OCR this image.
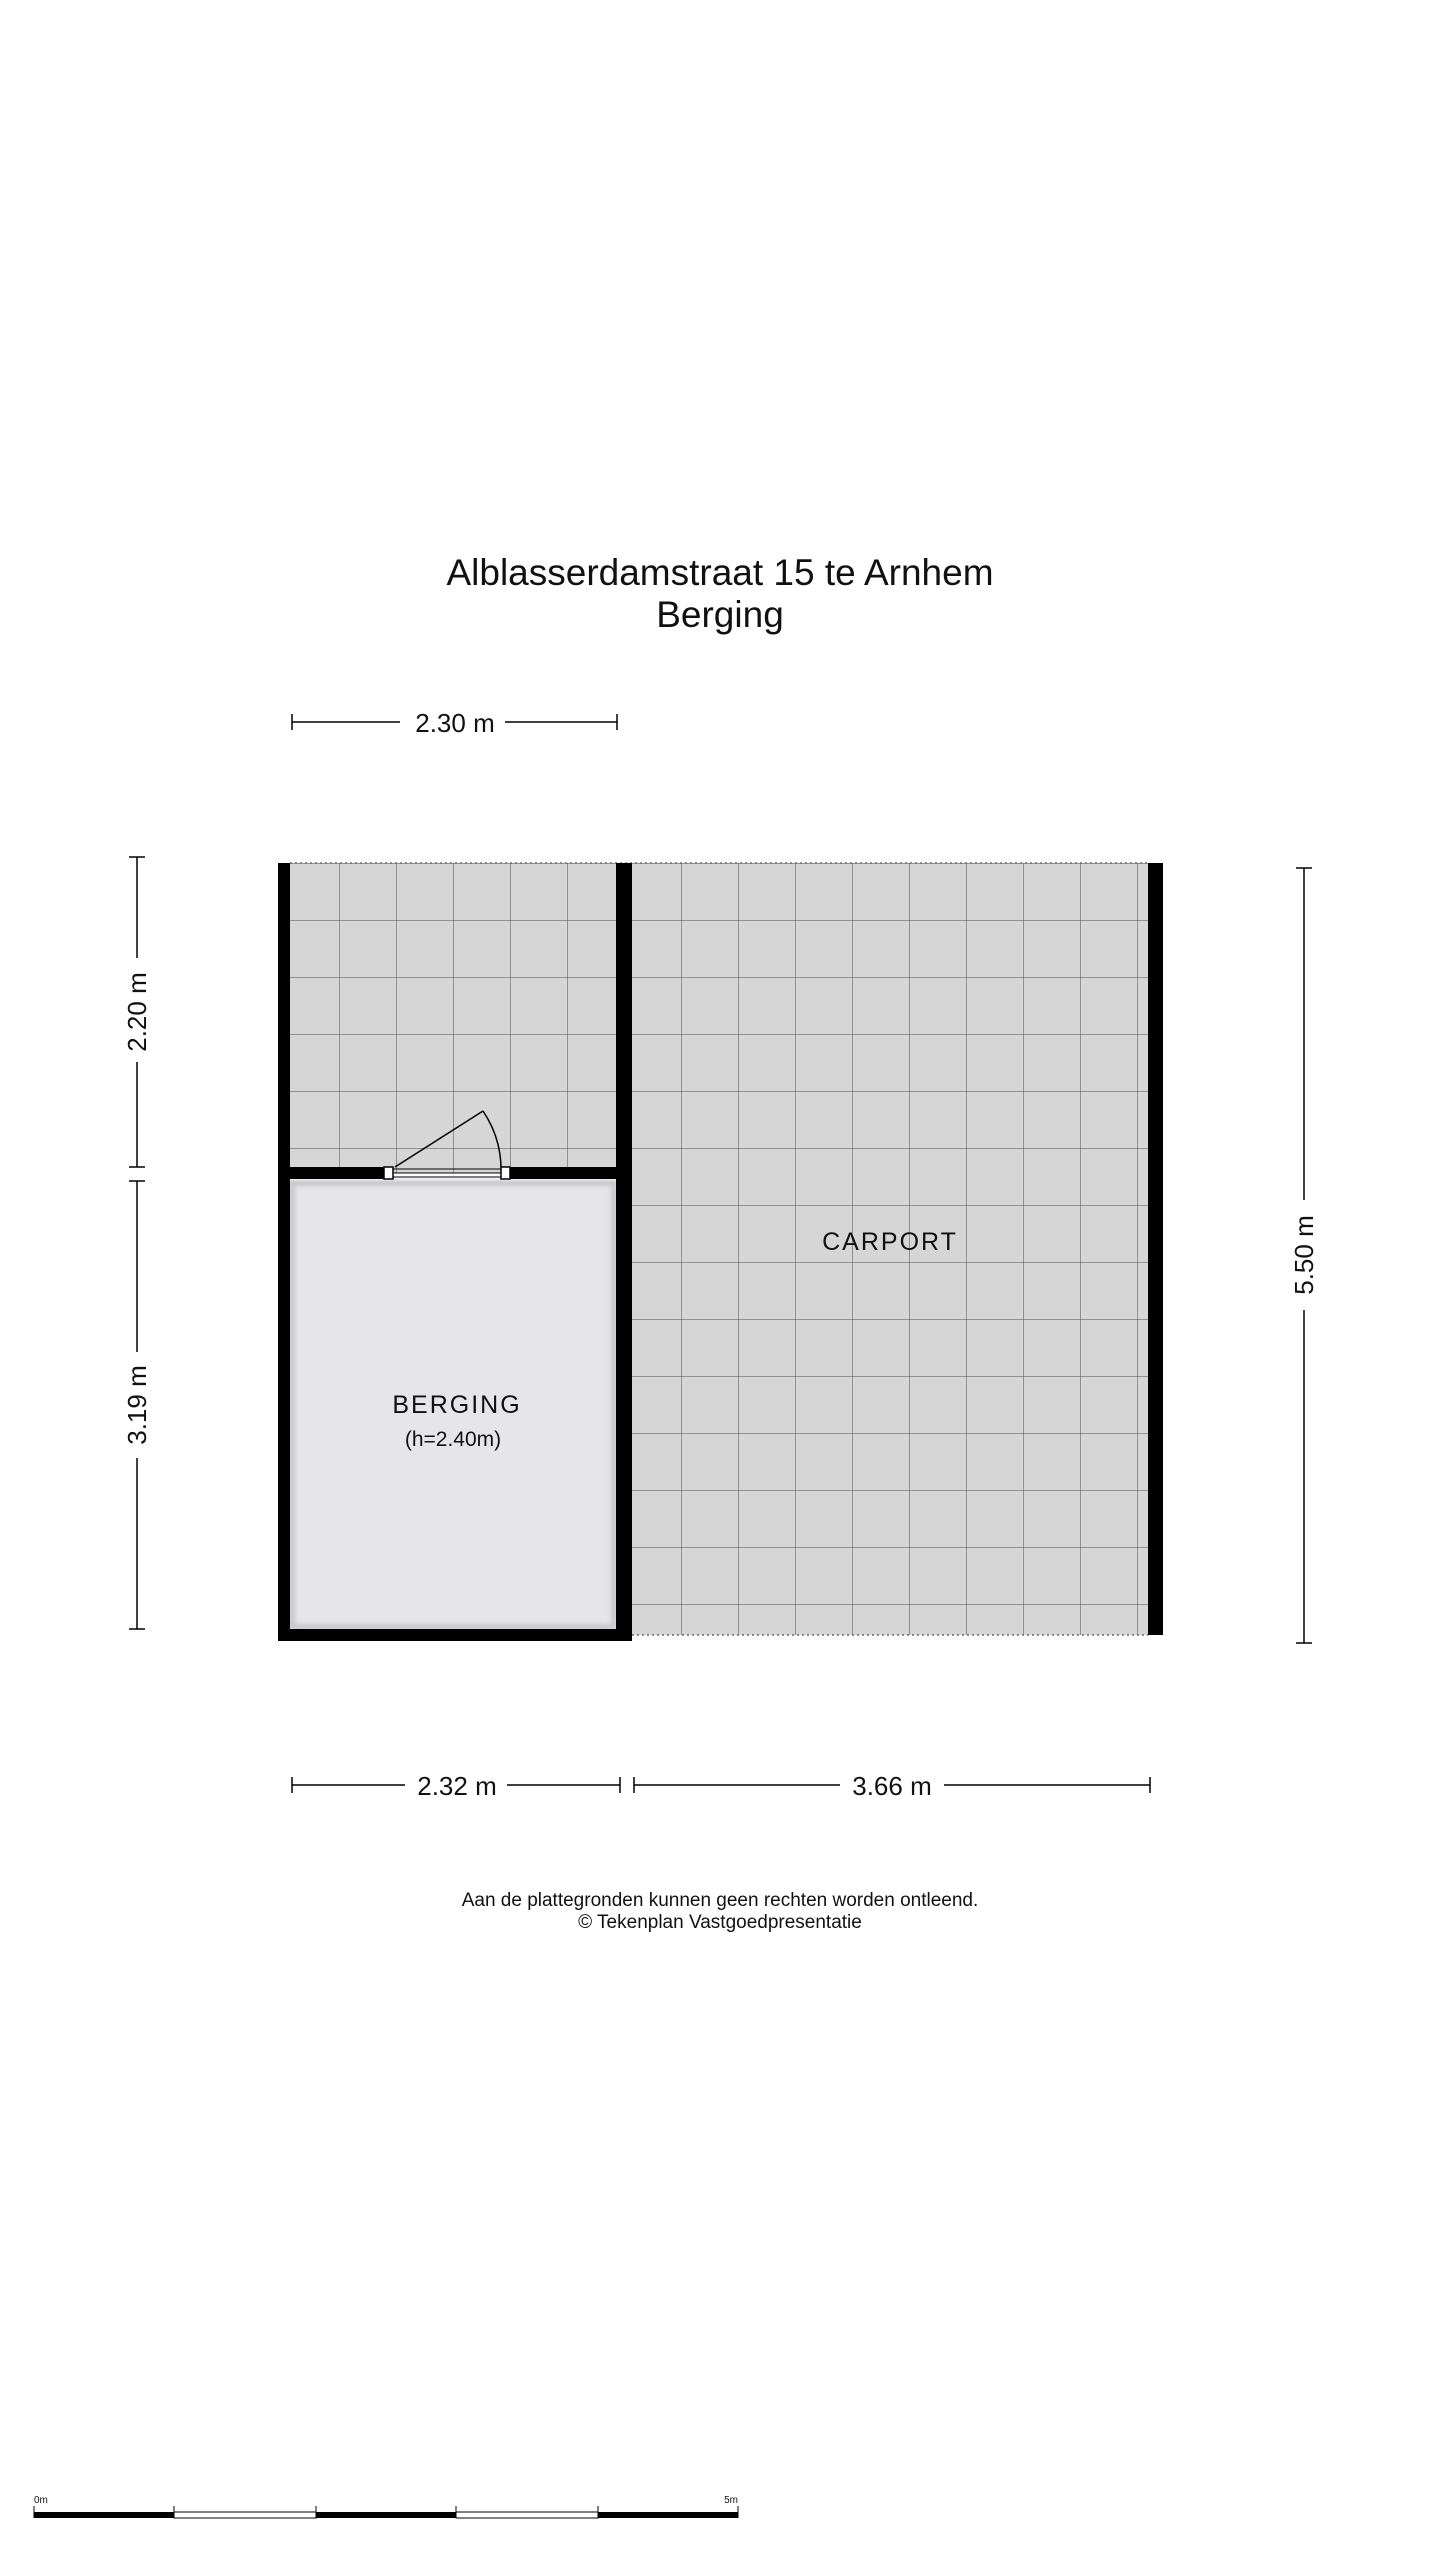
Alblasserdamstraat 15 te Arnhem
Berging
CARPORT
BERGING
(h=2.40m)
2.30 m
2.20 m
3.19 m
5.50 m
2.32 m	3.66 m
0m	5m
Aan de plattegronden kunnen geen rechten worden ontleend.
© Tekenplan Vastgoedpresentatie
